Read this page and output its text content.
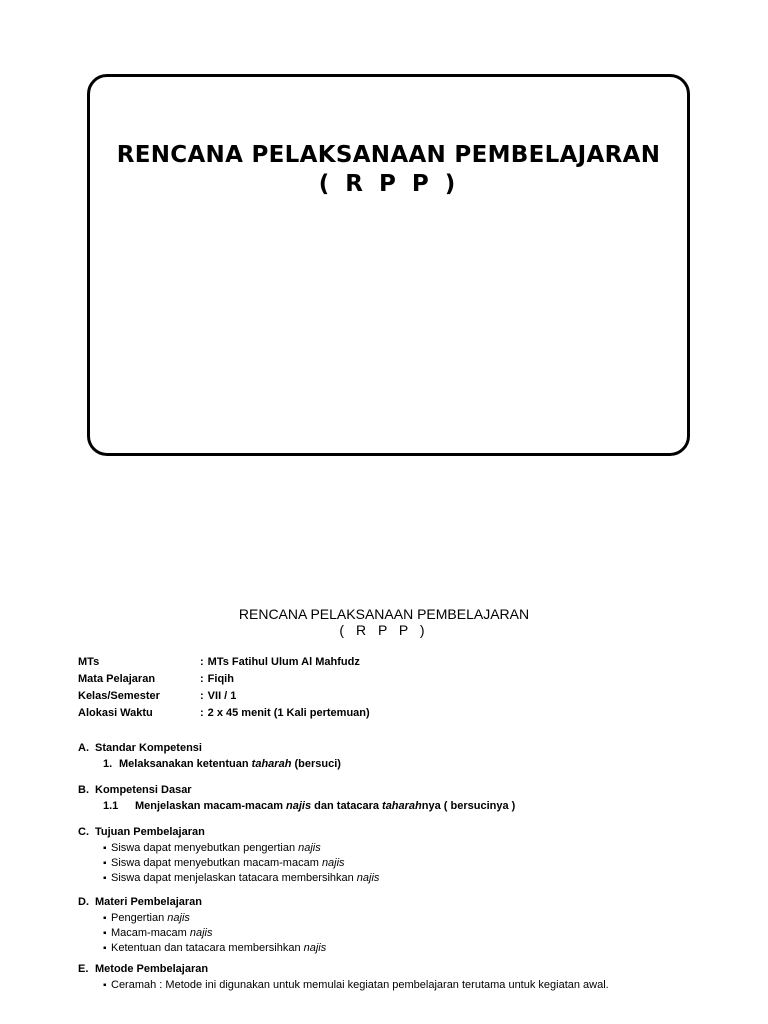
RENCANA PELAKSANAAN PEMBELAJARAN
( R P P )
RENCANA PELAKSANAAN PEMBELAJARAN
( R P P )
MTs	: MTs Fatihul Ulum Al Mahfudz
Mata Pelajaran	: Fiqih
Kelas/Semester	: VII / 1
Alokasi Waktu	: 2 x 45 menit (1 Kali pertemuan)
A. Standar Kompetensi
1. Melaksanakan ketentuan taharah (bersuci)
B. Kompetensi Dasar
1.1 Menjelaskan macam-macam najis dan tatacara taharahnya ( bersucinya )
C. Tujuan Pembelajaran
▪ Siswa dapat menyebutkan pengertian najis
▪ Siswa dapat menyebutkan macam-macam najis
▪ Siswa dapat menjelaskan tatacara membersihkan najis
D. Materi Pembelajaran
▪ Pengertian najis
▪ Macam-macam najis
▪ Ketentuan dan tatacara membersihkan najis
E. Metode Pembelajaran
▪ Ceramah : Metode ini digunakan untuk memulai kegiatan pembelajaran terutama untuk kegiatan awal.
